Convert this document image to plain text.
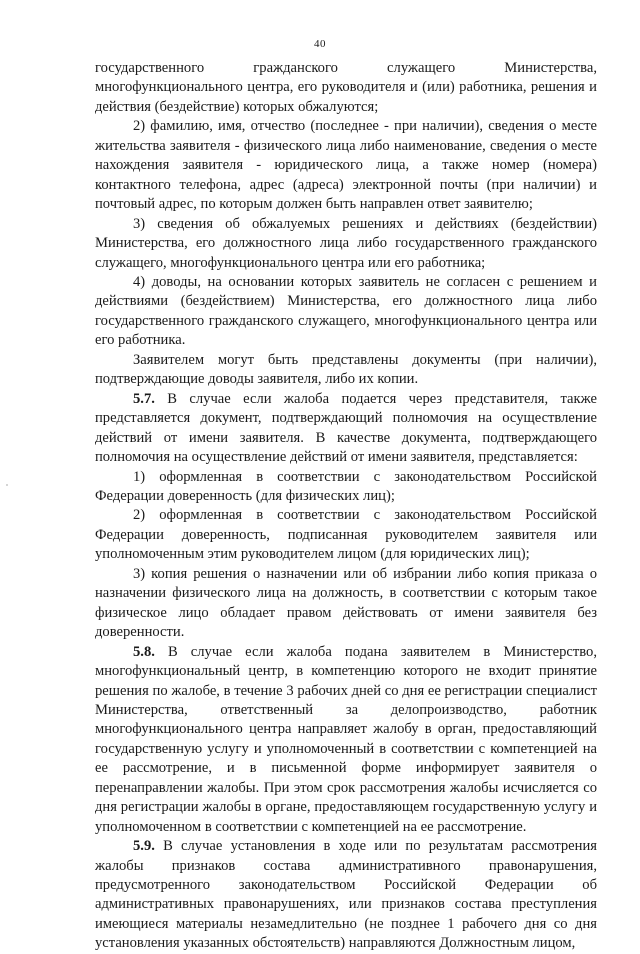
40

государственного гражданского служащего Министерства, многофункционального центра, его руководителя и (или) работника, решения и действия (бездействие) которых обжалуются;

2) фамилию, имя, отчество (последнее - при наличии), сведения о месте жительства заявителя - физического лица либо наименование, сведения о месте нахождения заявителя - юридического лица, а также номер (номера) контактного телефона, адрес (адреса) электронной почты (при наличии) и почтовый адрес, по которым должен быть направлен ответ заявителю;

3) сведения об обжалуемых решениях и действиях (бездействии) Министерства, его должностного лица либо государственного гражданского служащего, многофункционального центра или его работника;

4) доводы, на основании которых заявитель не согласен с решением и действиями (бездействием) Министерства, его должностного лица либо государственного гражданского служащего, многофункционального центра или его работника.

Заявителем могут быть представлены документы (при наличии), подтверждающие доводы заявителя, либо их копии.

5.7. В случае если жалоба подается через представителя, также представляется документ, подтверждающий полномочия на осуществление действий от имени заявителя. В качестве документа, подтверждающего полномочия на осуществление действий от имени заявителя, представляется:

1) оформленная в соответствии с законодательством Российской Федерации доверенность (для физических лиц);

2) оформленная в соответствии с законодательством Российской Федерации доверенность, подписанная руководителем заявителя или уполномоченным этим руководителем лицом (для юридических лиц);

3) копия решения о назначении или об избрании либо копия приказа о назначении физического лица на должность, в соответствии с которым такое физическое лицо обладает правом действовать от имени заявителя без доверенности.

5.8. В случае если жалоба подана заявителем в Министерство, многофункциональный центр, в компетенцию которого не входит принятие решения по жалобе, в течение 3 рабочих дней со дня ее регистрации специалист Министерства, ответственный за делопроизводство, работник многофункционального центра направляет жалобу в орган, предоставляющий государственную услугу и уполномоченный в соответствии с компетенцией на ее рассмотрение, и в письменной форме информирует заявителя о перенаправлении жалобы. При этом срок рассмотрения жалобы исчисляется со дня регистрации жалобы в органе, предоставляющем государственную услугу и уполномоченном в соответствии с компетенцией на ее рассмотрение.

5.9. В случае установления в ходе или по результатам рассмотрения жалобы признаков состава административного правонарушения, предусмотренного законодательством Российской Федерации об административных правонарушениях, или признаков состава преступления имеющиеся материалы незамедлительно (не позднее 1 рабочего дня со дня установления указанных обстоятельств) направляются Должностным лицом,
